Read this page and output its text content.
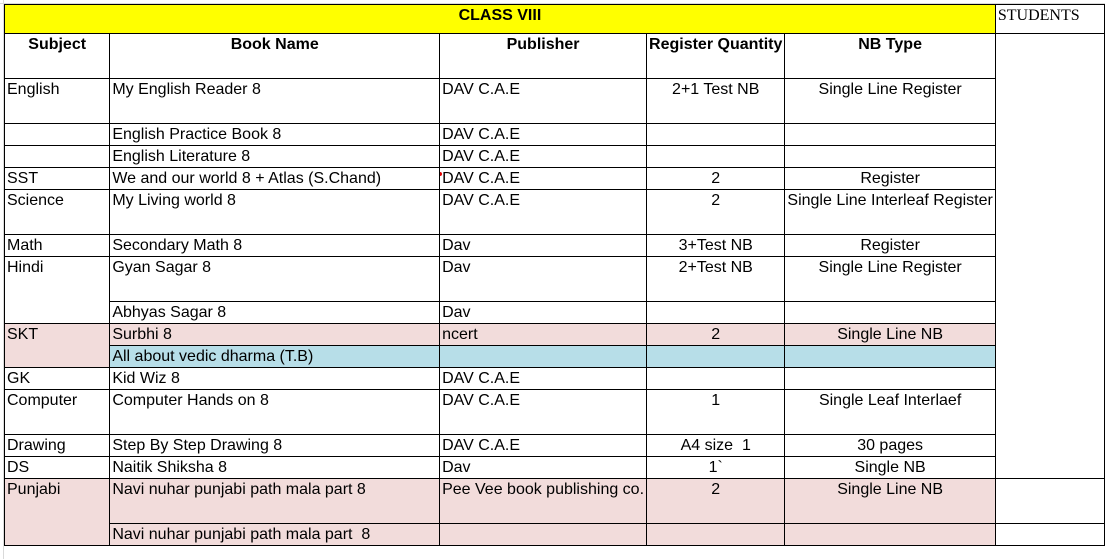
CLASS VIII					STUDENTS
Subject	Book Name	Publisher	Register Quantity	NB Type	
English	My English Reader 8	DAV C.A.E	2+1 Test NB	Single Line Register	
	English Practice Book 8	DAV C.A.E			
	English Literature 8	DAV C.A.E			
SST	We and our world 8 + Atlas (S.Chand)	DAV C.A.E	2	Register	
Science	My Living world 8	DAV C.A.E	2	Single Line Interleaf Register	
Math	Secondary Math 8	Dav	3+Test NB	Register	
Hindi	Gyan Sagar 8	Dav	2+Test NB	Single Line Register	
	Abhyas Sagar 8	Dav			
SKT	Surbhi 8	ncert	2	Single Line NB	
	All about vedic dharma (T.B)				
GK	Kid Wiz 8	DAV C.A.E			
Computer	Computer Hands on 8	DAV C.A.E	1	Single Leaf Interlaef	
Drawing	Step By Step Drawing 8	DAV C.A.E	A4 size  1	30 pages	
DS	Naitik Shiksha 8	Dav	1`	Single NB	
Punjabi	Navi nuhar punjabi path mala part 8	Pee Vee book publishing co.	2	Single Line NB	
	Navi nuhar punjabi path mala part  8				
